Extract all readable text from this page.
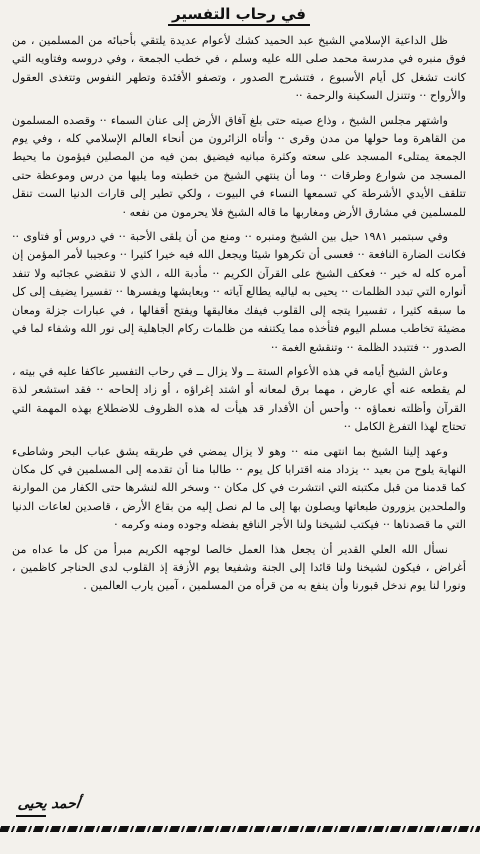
في رحاب التفسير

ظل الداعية الإسلامي الشيخ عبد الحميد كشك لأعوام عديدة يلتقي بأحبائه من المسلمين ، من فوق منبره في مدرسة محمد صلى الله عليه وسلم ، في خطب الجمعة ، وفي دروسه وفتاويه التي كانت تشغل كل أيام الأسبوع ، فتنشرح الصدور ، وتصفو الأفئدة وتطهر النفوس وتتغذى العقول والأرواح ·· وتتنزل السكينة والرحمة ··

واشتهر مجلس الشيخ ، وذاع صيته حتى بلغ آفاق الأرض إلى عنان السماء ·· وقصده المسلمون من القاهرة وما حولها من مدن وقرى ·· وأتاه الزائرون من أنحاء العالم الإسلامي كله ، وفي يوم الجمعة يمتلىء المسجد على سعته وكثرة مبانيه فيضيق بمن فيه من المصلين فيؤمون ما يحيط المسجد من شوارع وطرقات ·· وما أن ينتهي الشيخ من خطبته وما يليها من درس وموعظة حتى تتلقف الأيدي الأشرطة كي تسمعها النساء في البيوت ، ولكي تطير إلى قارات الدنيا الست تنقل للمسلمين في مشارق الأرض ومغاربها ما قاله الشيخ فلا يحرمون من نفعه ·

وفي سبتمبر ١٩٨١ حيل بين الشيخ ومنبره ·· ومنع من أن يلقى الأحبة ·· في دروس أو فتاوى ·· فكانت الضارة النافعة ·· فعسى أن تكرهوا شيئا ويجعل الله فيه خيرا كثيرا ·· وعجيبا لأمر المؤمن إن أمره كله له خير ·· فعكف الشيخ على القرآن الكريم ·· مأدبة الله ، الذي لا تنقضي عجائبه ولا تنفد أنواره التي تبدد الظلمات ·· يحيى به لياليه يطالع آياته ·· ويعايشها ويفسرها ·· تفسيرا يضيف إلى كل ما سبقه كثيرا ، تفسيرا يتجه إلى القلوب فيفك مغاليقها ويفتح أقفالها ، في عبارات جزلة ومعان مضيئة تخاطب مسلم اليوم فتأخذه مما يكتنفه من ظلمات ركام الجاهلية إلى نور الله وشفاء لما في الصدور ·· فتتبدد الظلمة ·· وتنقشع الغمة ··

وعاش الشيخ أيامه في هذه الأعوام الستة ــ ولا يزال ــ في رحاب التفسير عاكفا عليه في بيته ، لم يقطعه عنه أي عارض ، مهما برق لمعانه أو اشتد إغراؤه ، أو زاد إلحاحه ·· فقد استشعر لذة القرآن وأظلته نعماؤه ·· وأحس أن الأقدار قد هيأت له هذه الظروف للاضطلاع بهذه المهمة التي تحتاج لهذا التفرغ الكامل ··

وعهد إلينا الشيخ بما انتهى منه ·· وهو لا يزال يمضي في طريقه يشق عباب البحر وشاطىء النهاية يلوح من بعيد ·· يزداد منه اقترابا كل يوم ·· طالبا منا أن تقدمه إلى المسلمين في كل مكان كما قدمنا من قبل مكتبته التي انتشرت في كل مكان ·· وسخر الله لنشرها حتى الكفار من الموارنة والملحدين يزورون طبعاتها ويصلون بها إلى ما لم نصل إليه من بقاع الأرض ، قاصدين لعاعات الدنيا التي ما قصدناها ·· فيكتب لشيخنا ولنا الأجر النافع بفضله وجوده ومنه وكرمه ·

نسأل الله العلي القدير أن يجعل هذا العمل خالصا لوجهه الكريم مبرأ من كل ما عداه من أغراض ، فيكون لشيخنا ولنا قائدا إلى الجنة وشفيعا يوم الأزفة إذ القلوب لدى الحناجر كاظمين ، ونورا لنا يوم ندخل قبورنا وأن ينفع به من قرأه من المسلمين ، آمين يارب العالمين .

أحمد يحيى
